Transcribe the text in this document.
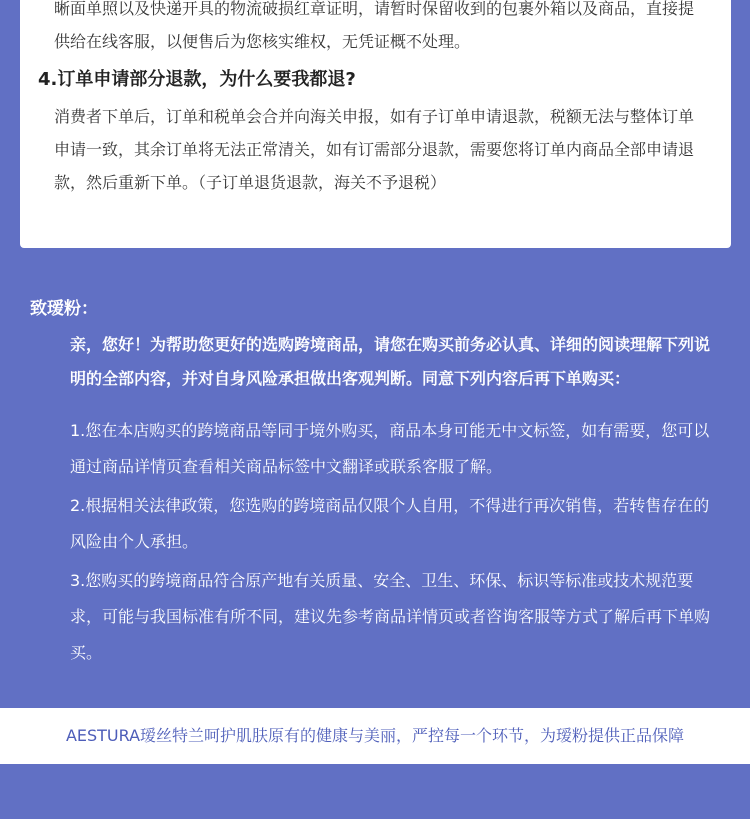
晰面单照以及快递开具的物流破损红章证明，请暂时保留收到的包裹外箱以及商品，直接提供给在线客服，以便售后为您核实维权，无凭证概不处理。

4.订单申请部分退款，为什么要我都退?

消费者下单后，订单和税单会合并向海关申报，如有子订单申请退款，税额无法与整体订单申请一致，其余订单将无法正常清关，如有订需部分退款，需要您将订单内商品全部申请退款，然后重新下单。（子订单退货退款，海关不予退税）

致瑷粉：

亲，您好！为帮助您更好的选购跨境商品，请您在购买前务必认真、详细的阅读理解下列说明的全部内容，并对自身风险承担做出客观判断。同意下列内容后再下单购买：

1.您在本店购买的跨境商品等同于境外购买，商品本身可能无中文标签，如有需要，您可以通过商品详情页查看相关商品标签中文翻译或联系客服了解。

2.根据相关法律政策，您选购的跨境商品仅限个人自用，不得进行再次销售，若转售存在的风险由个人承担。

3.您购买的跨境商品符合原产地有关质量、安全、卫生、环保、标识等标准或技术规范要求，可能与我国标准有所不同，建议先参考商品详情页或者咨询客服等方式了解后再下单购买。

AESTURA瑷丝特兰呵护肌肤原有的健康与美丽，严控每一个环节，为瑷粉提供正品保障
